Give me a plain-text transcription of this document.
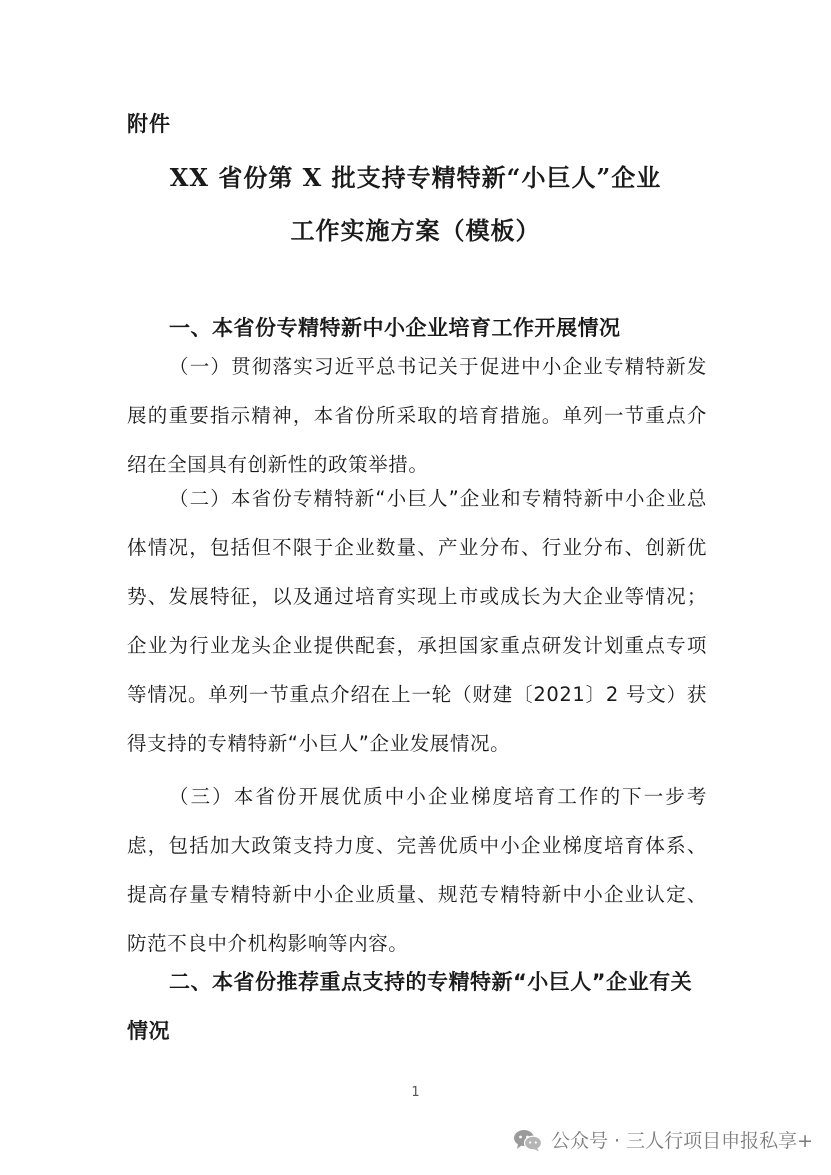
附件
XX 省份第 X 批支持专精特新“小巨人”企业
工作实施方案（模板）
一、本省份专精特新中小企业培育工作开展情况
（一）贯彻落实习近平总书记关于促进中小企业专精特新发展的重要指示精神，本省份所采取的培育措施。单列一节重点介绍在全国具有创新性的政策举措。
（二）本省份专精特新“小巨人”企业和专精特新中小企业总体情况，包括但不限于企业数量、产业分布、行业分布、创新优势、发展特征，以及通过培育实现上市或成长为大企业等情况；企业为行业龙头企业提供配套，承担国家重点研发计划重点专项等情况。单列一节重点介绍在上一轮（财建〔2021〕2 号文）获得支持的专精特新“小巨人”企业发展情况。
（三）本省份开展优质中小企业梯度培育工作的下一步考虑，包括加大政策支持力度、完善优质中小企业梯度培育体系、提高存量专精特新中小企业质量、规范专精特新中小企业认定、防范不良中介机构影响等内容。
二、本省份推荐重点支持的专精特新“小巨人”企业有关情况
1
公众号 · 三人行项目申报私享+
